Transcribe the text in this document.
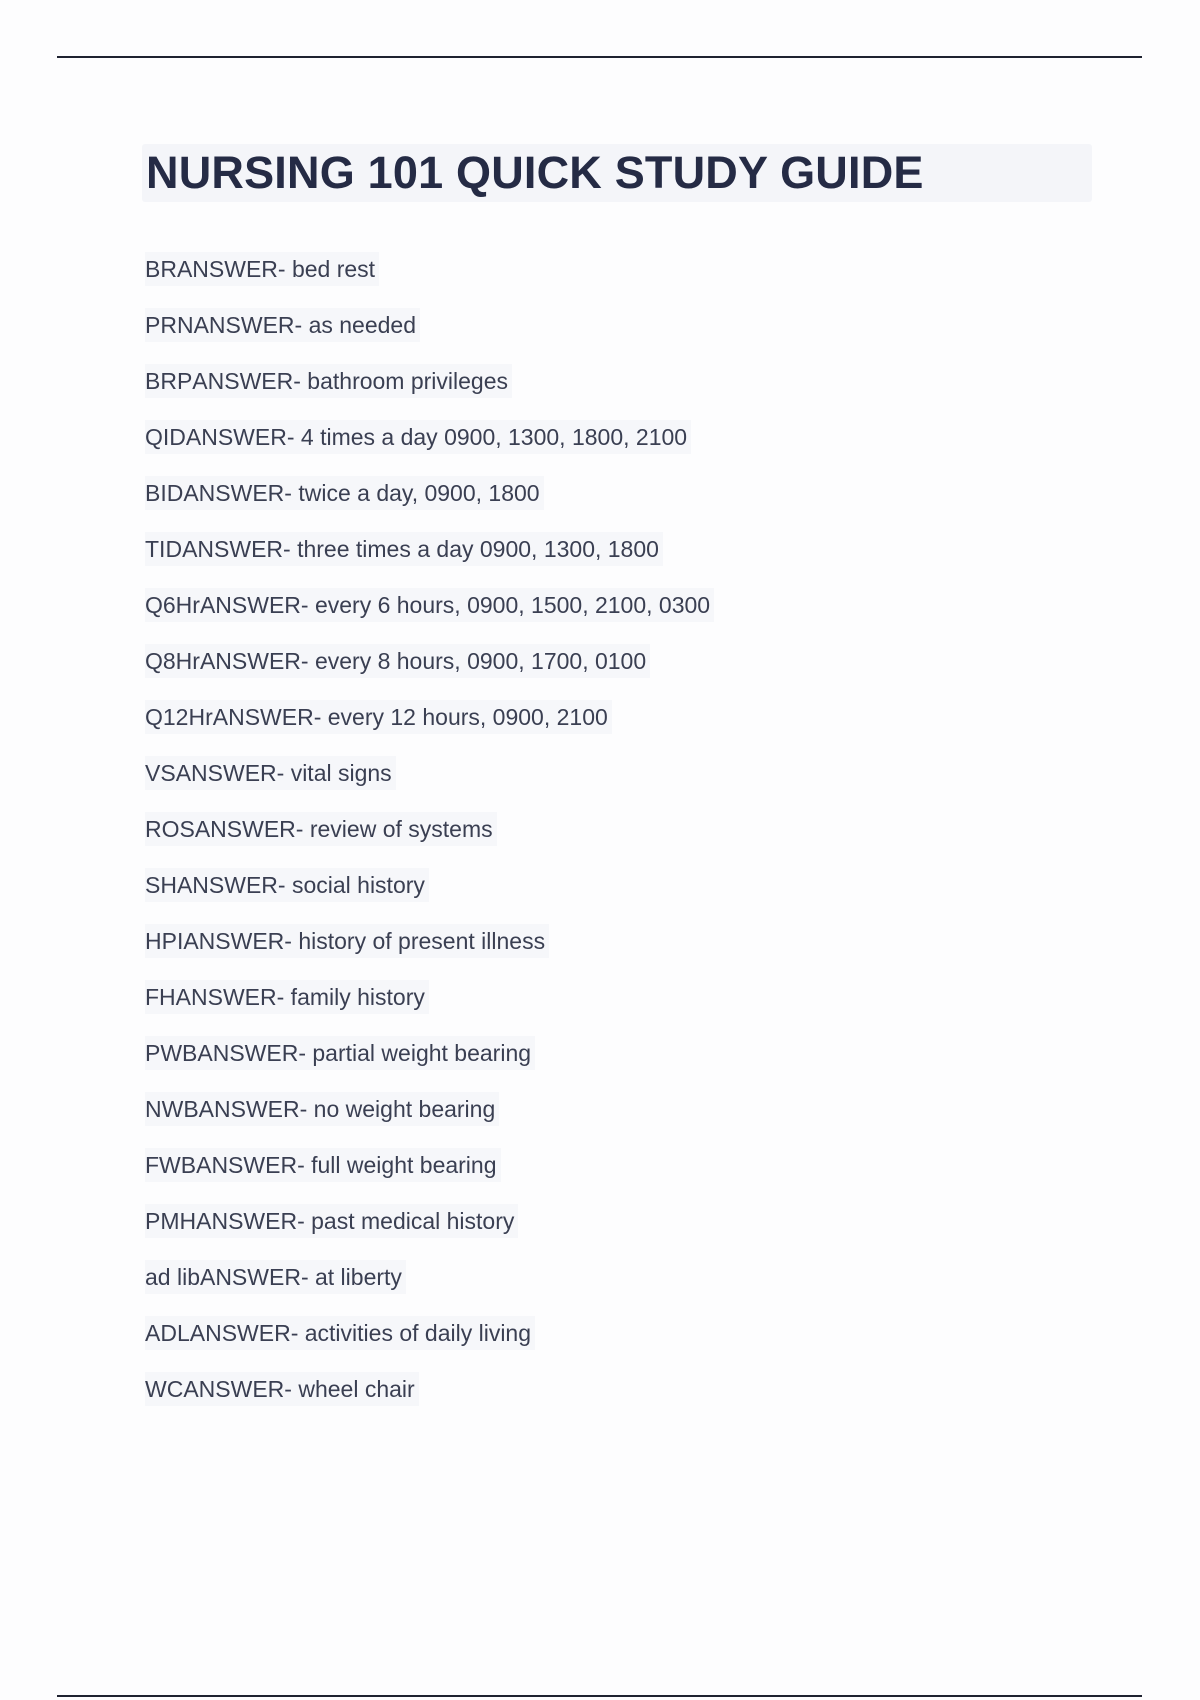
NURSING 101 QUICK STUDY GUIDE
BR ANSWER - bed rest
PRN ANSWER - as needed
BRP ANSWER - bathroom privileges
QID ANSWER - 4 times a day 0900, 1300, 1800, 2100
BID ANSWER - twice a day, 0900, 1800
TID ANSWER - three times a day 0900, 1300, 1800
Q6Hr ANSWER - every 6 hours, 0900, 1500, 2100, 0300
Q8Hr ANSWER - every 8 hours, 0900, 1700, 0100
Q12Hr ANSWER - every 12 hours, 0900, 2100
VS ANSWER - vital signs
ROS ANSWER - review of systems
SH ANSWER - social history
HPI ANSWER - history of present illness
FH ANSWER - family history
PWB ANSWER - partial weight bearing
NWB ANSWER - no weight bearing
FWB ANSWER - full weight bearing
PMH ANSWER - past medical history
ad lib ANSWER - at liberty
ADL ANSWER - activities of daily living
WC ANSWER - wheel chair
